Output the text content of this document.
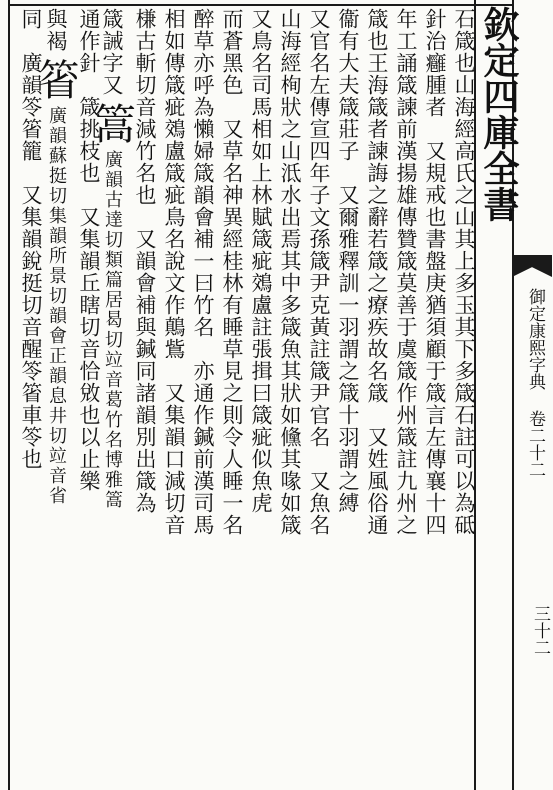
欽定四庫全書
御定康熙字典 卷二十二
三十二
石箴也山海經高氏之山其上多玉其下多箴石註可以為砥
針治癰腫者　又規戒也書盤庚猶須顧于箴言左傳襄十四
年工誦箴諫前漢揚雄傳贊箴莫善于虞箴作州箴註九州之
箴也王海箴者諫誨之辭若箴之療疾故名箴　又姓風俗通
衞有大夫箴莊子　又爾雅釋訓一羽謂之箴十羽謂之縛
又官名左傳宣四年子文孫箴尹克黃註箴尹官名　又魚名
山海經栒狀之山泜水出焉其中多箴魚其狀如儵其喙如箴
又鳥名司馬相如上林賦箴疵鵁盧註張揖曰箴疵似魚虎
而蒼黑色　又草名神異經桂林有睡草見之則令人睡一名
醉草亦呼為懶婦箴韻會補一曰竹名　亦通作鍼前漢司馬
相如傳箴疵鵁盧箴疵鳥名說文作鷏鴜　又集韻口減切音
槏古斬切音減竹名也　又韻會補與鍼同諸韻別出箴為
箴誡字又篙廣韻古達切類篇居曷切竝音葛竹名博雅篙
通作針　箴挑枝也　又集韻丘瞎切音恰敓也以止樂
與褐箵廣韻蘇挺切集韻所景切韻會正韻息井切竝音省
同　廣韻笭箵籠　又集韻銳挺切音醒笭箵車笭也
